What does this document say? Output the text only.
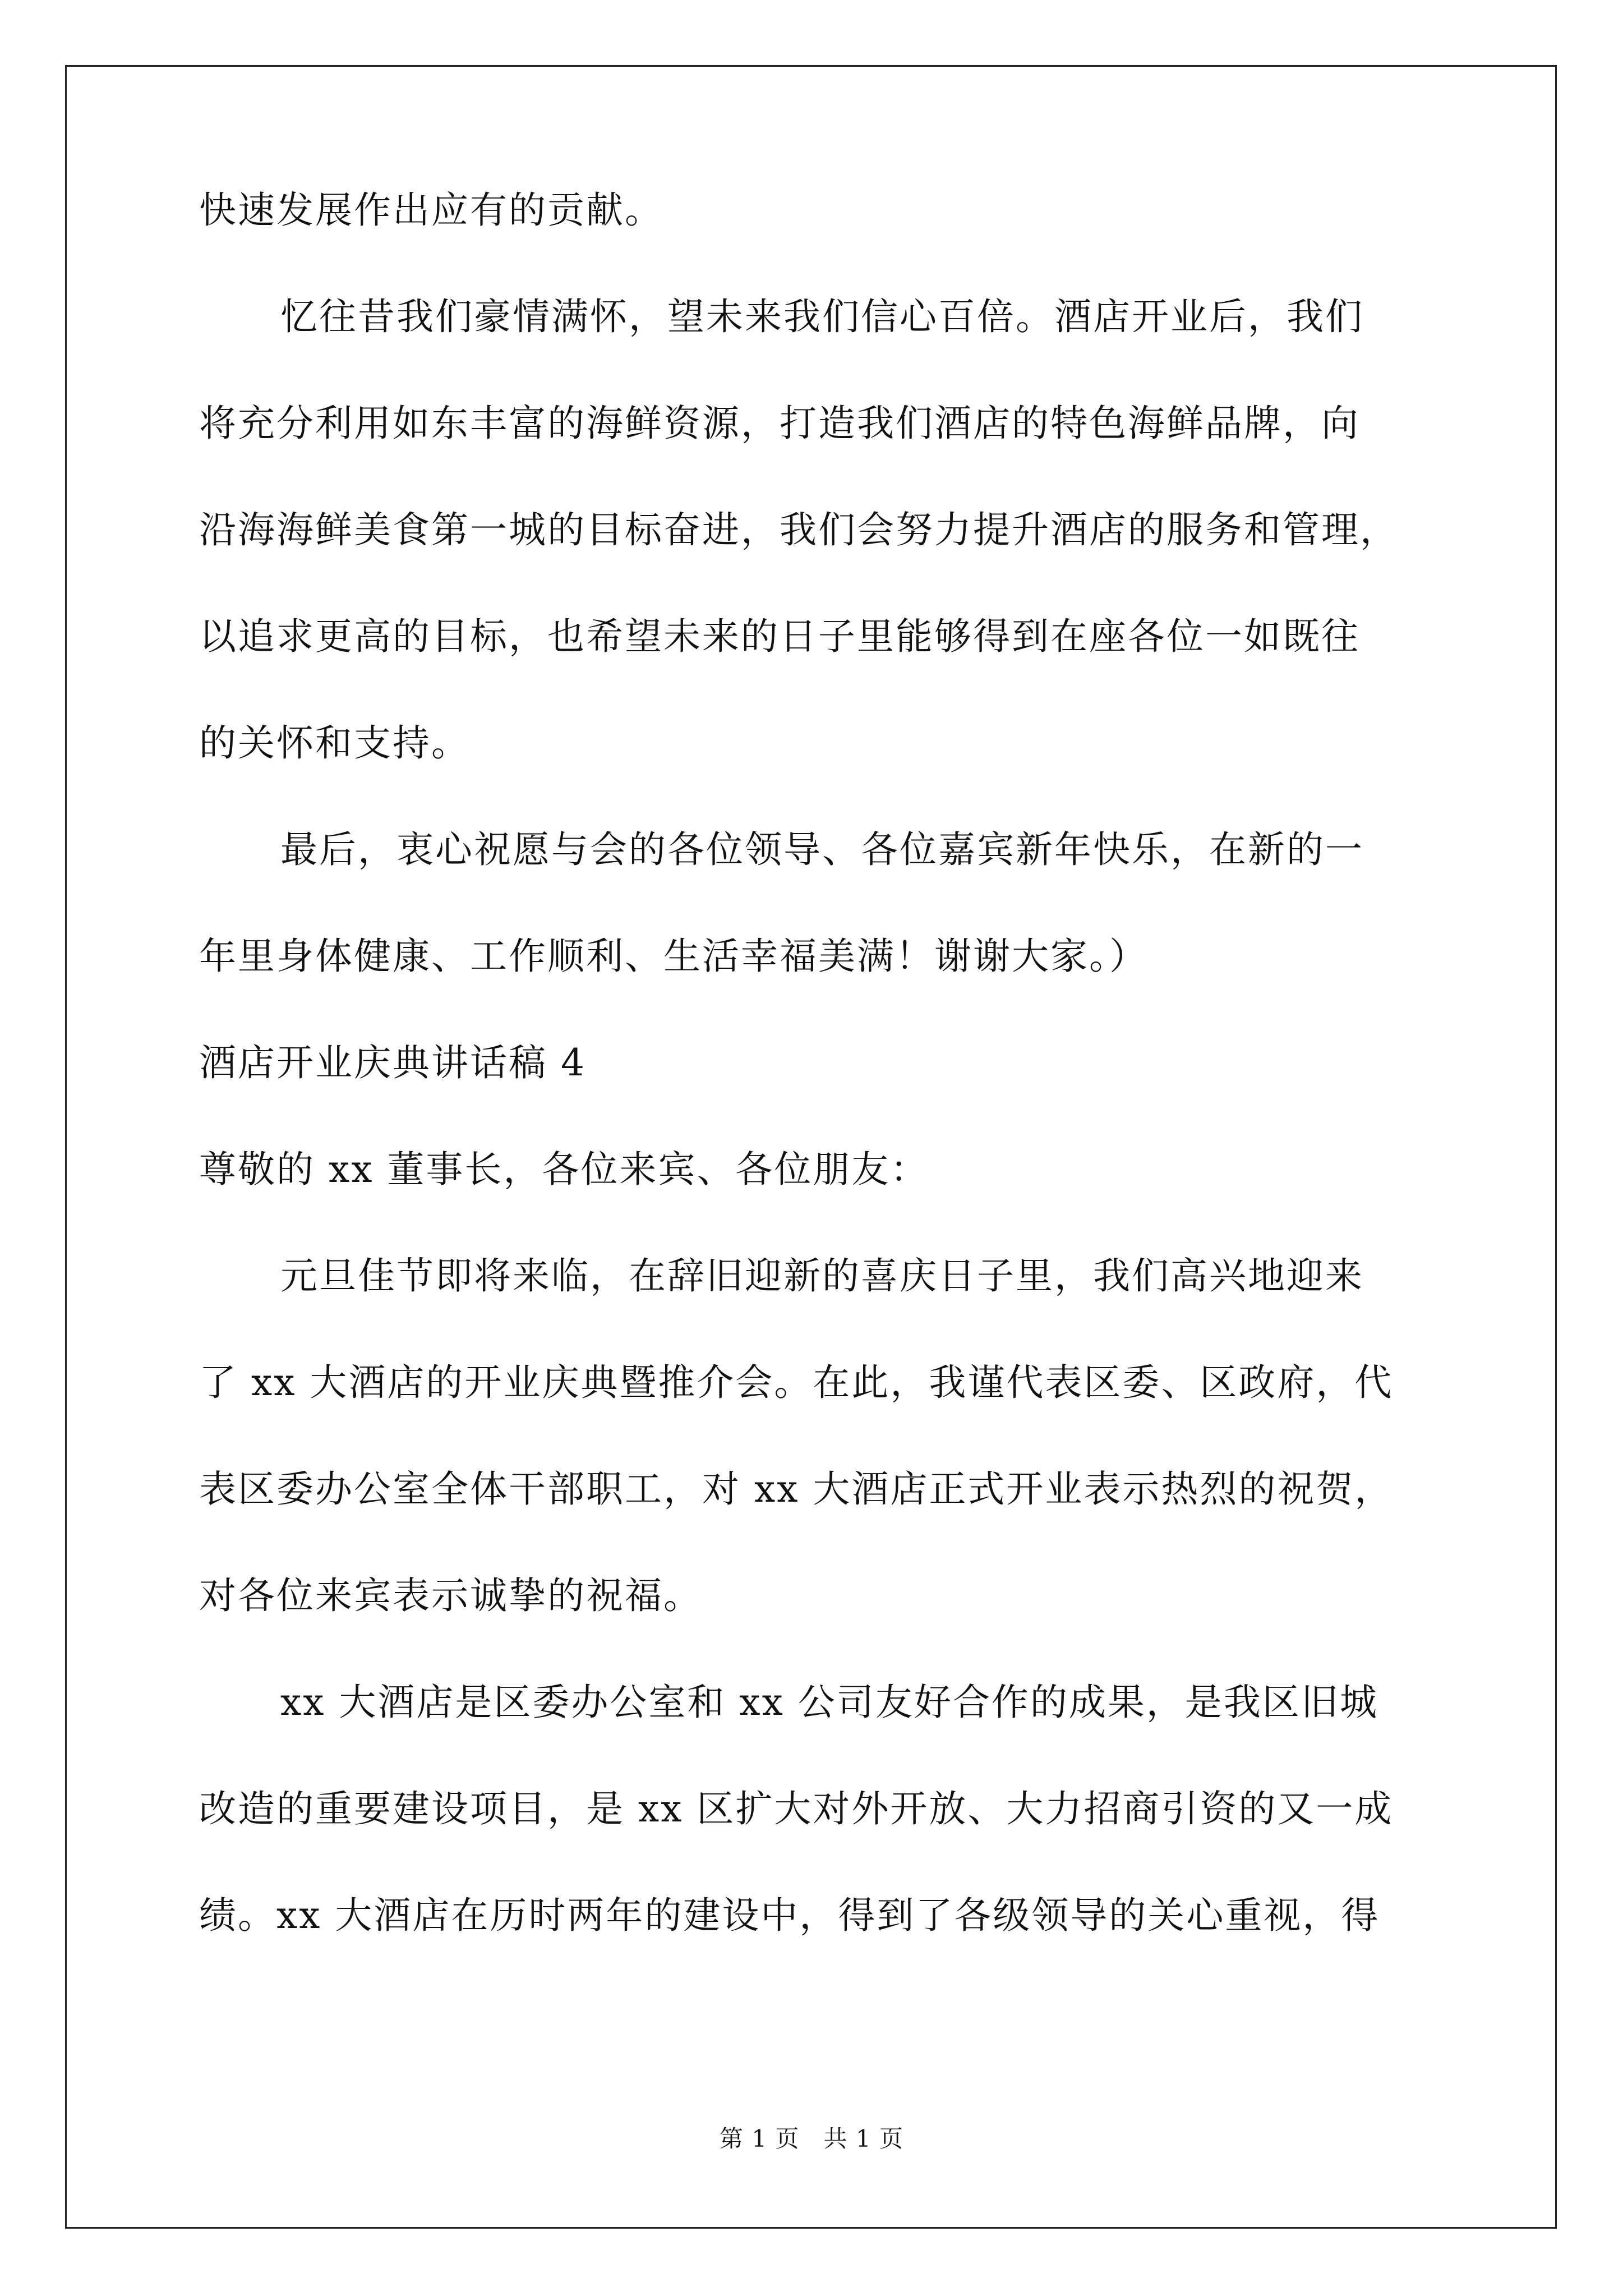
快速发展作出应有的贡献。
忆往昔我们豪情满怀，望未来我们信心百倍。酒店开业后，我们
将充分利用如东丰富的海鲜资源，打造我们酒店的特色海鲜品牌，向
沿海海鲜美食第一城的目标奋进，我们会努力提升酒店的服务和管理，
以追求更高的目标，也希望未来的日子里能够得到在座各位一如既往
的关怀和支持。
最后，衷心祝愿与会的各位领导、各位嘉宾新年快乐，在新的一
年里身体健康、工作顺利、生活幸福美满！谢谢大家。）
酒店开业庆典讲话稿 4
尊敬的 xx 董事长，各位来宾、各位朋友：
元旦佳节即将来临，在辞旧迎新的喜庆日子里，我们高兴地迎来
了 xx 大酒店的开业庆典暨推介会。在此，我谨代表区委、区政府，代
表区委办公室全体干部职工，对 xx 大酒店正式开业表示热烈的祝贺，
对各位来宾表示诚挚的祝福。
xx 大酒店是区委办公室和 xx 公司友好合作的成果，是我区旧城
改造的重要建设项目，是 xx 区扩大对外开放、大力招商引资的又一成
绩。xx 大酒店在历时两年的建设中，得到了各级领导的关心重视，得
第 1 页   共 1 页
